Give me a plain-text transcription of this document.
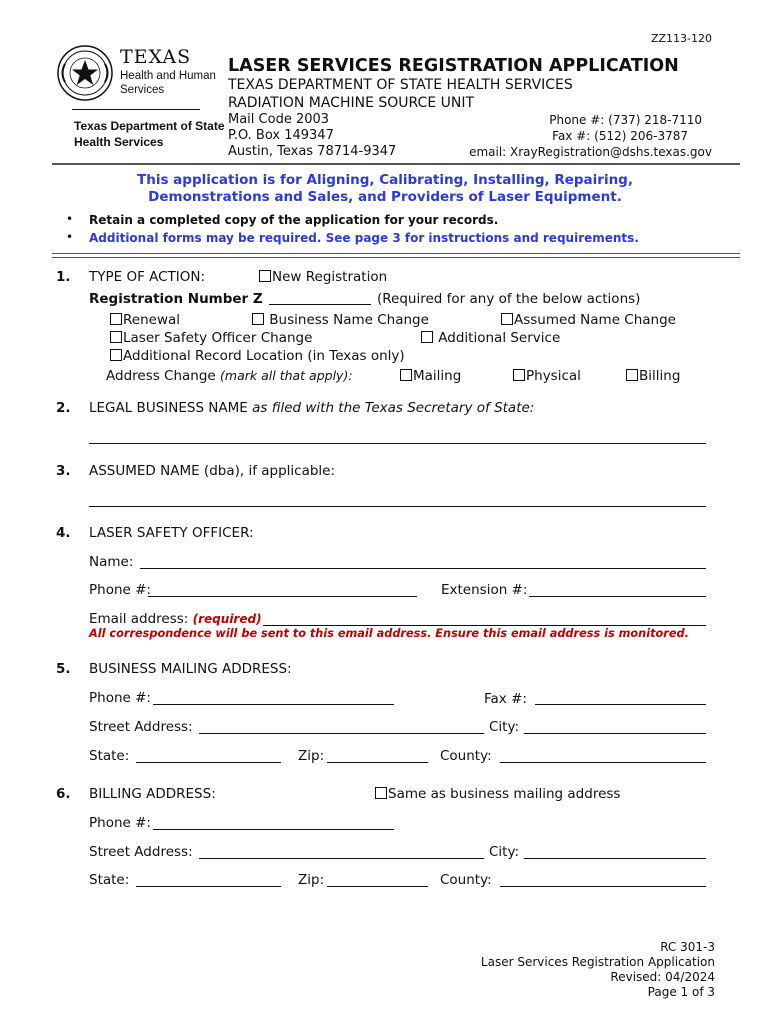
ZZ113-120
TEXAS
Health and Human
Services
Texas Department of State
Health Services
LASER SERVICES REGISTRATION APPLICATION
TEXAS DEPARTMENT OF STATE HEALTH SERVICES
RADIATION MACHINE SOURCE UNIT
Mail Code 2003
P.O. Box 149347
Austin, Texas 78714-9347
Phone #: (737) 218-7110
Fax #: (512) 206-3787
email: XrayRegistration@dshs.texas.gov
This application is for Aligning, Calibrating, Installing, Repairing,
Demonstrations and Sales, and Providers of Laser Equipment.
• Retain a completed copy of the application for your records.
• Additional forms may be required. See page 3 for instructions and requirements.
1. TYPE OF ACTION:	New Registration
Registration Number Z	(Required for any of the below actions)
Renewal	Business Name Change	Assumed Name Change
Laser Safety Officer Change	Additional Service
Additional Record Location (in Texas only)
Address Change (mark all that apply):	Mailing	Physical	Billing
2. LEGAL BUSINESS NAME as filed with the Texas Secretary of State:
3. ASSUMED NAME (dba), if applicable:
4. LASER SAFETY OFFICER:
Name:
Phone #:	Extension #:
Email address: (required)
All correspondence will be sent to this email address. Ensure this email address is monitored.
5. BUSINESS MAILING ADDRESS:
Phone #:	Fax #:
Street Address:	City:
State:	Zip:	County:
6. BILLING ADDRESS:	Same as business mailing address
Phone #:
Street Address:	City:
State:	Zip:	County:
RC 301-3
Laser Services Registration Application
Revised: 04/2024
Page 1 of 3
